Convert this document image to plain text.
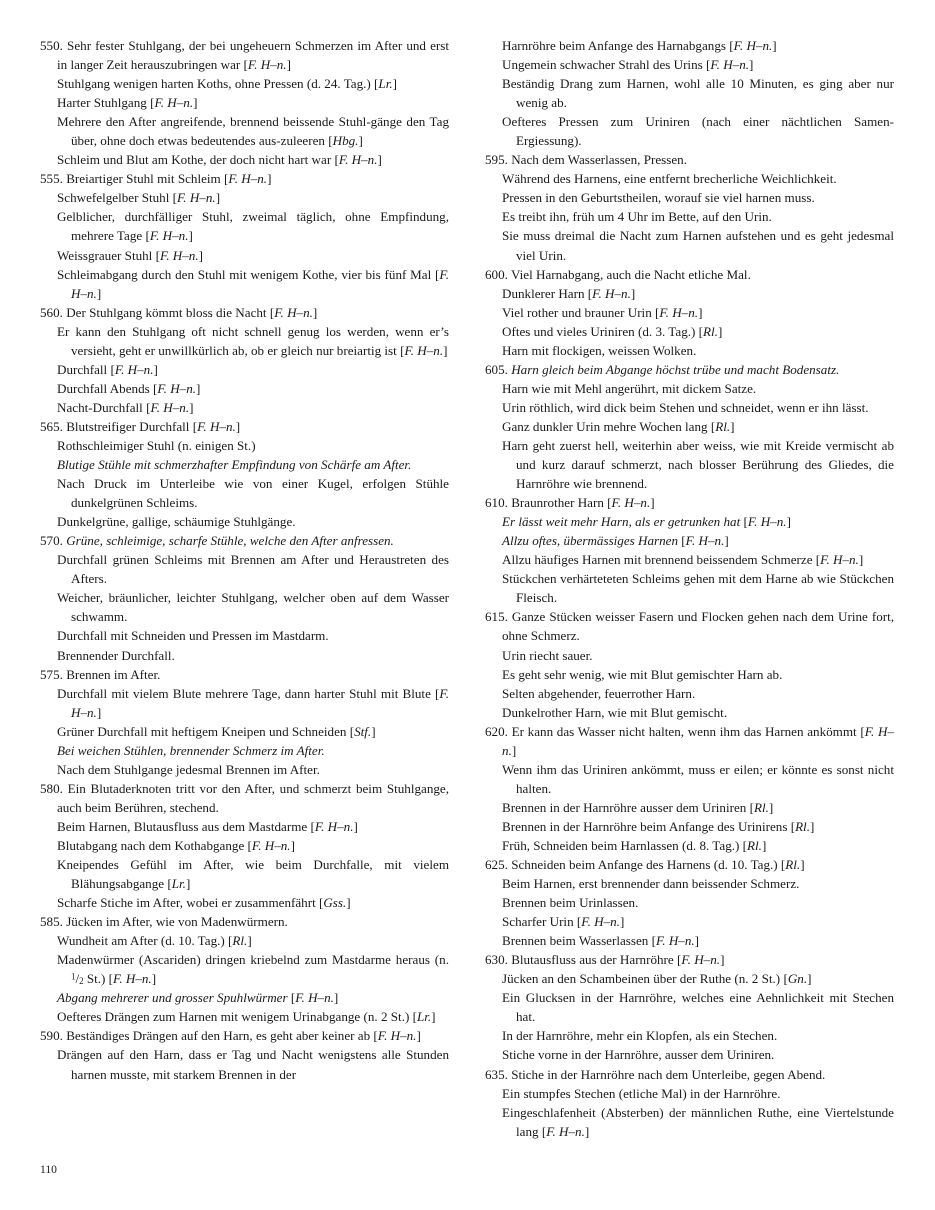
550. Sehr fester Stuhlgang, der bei ungeheuern Schmerzen im After und erst in langer Zeit herauszubringen war [F. H–n.]

Stuhlgang wenigen harten Koths, ohne Pressen (d. 24. Tag.) [Lr.]

Harter Stuhlgang [F. H–n.]

Mehrere den After angreifende, brennend beissende Stuhl-gänge den Tag über, ohne doch etwas bedeutendes aus-zuleeren [Hbg.]

Schleim und Blut am Kothe, der doch nicht hart war [F. H–n.]

555. Breiartiger Stuhl mit Schleim [F. H–n.]

Schwefelgelber Stuhl [F. H–n.]

Gelblicher, durchfälliger Stuhl, zweimal täglich, ohne Empfindung, mehrere Tage [F. H–n.]

Weissgrauer Stuhl [F. H–n.]

Schleimabgang durch den Stuhl mit wenigem Kothe, vier bis fünf Mal [F. H–n.]

560. Der Stuhlgang kömmt bloss die Nacht [F. H–n.]

Er kann den Stuhlgang oft nicht schnell genug los werden, wenn er’s versieht, geht er unwillkürlich ab, ob er gleich nur breiartig ist [F. H–n.]

Durchfall [F. H–n.]

Durchfall Abends [F. H–n.]

Nacht-Durchfall [F. H–n.]

565. Blutstreifiger Durchfall [F. H–n.]

Rothschleimiger Stuhl (n. einigen St.)

Blutige Stühle mit schmerzhafter Empfindung von Schärfe am After.

Nach Druck im Unterleibe wie von einer Kugel, erfolgen Stühle dunkelgrünen Schleims.

Dunkelgrüne, gallige, schäumige Stuhlgänge.

570. Grüne, schleimige, scharfe Stühle, welche den After anfressen.

Durchfall grünen Schleims mit Brennen am After und Heraustreten des Afters.

Weicher, bräunlicher, leichter Stuhlgang, welcher oben auf dem Wasser schwamm.

Durchfall mit Schneiden und Pressen im Mastdarm.

Brennender Durchfall.

575. Brennen im After.

Durchfall mit vielem Blute mehrere Tage, dann harter Stuhl mit Blute [F. H–n.]

Grüner Durchfall mit heftigem Kneipen und Schneiden [Stf.]

Bei weichen Stühlen, brennender Schmerz im After.

Nach dem Stuhlgange jedesmal Brennen im After.

580. Ein Blutaderknoten tritt vor den After, und schmerzt beim Stuhlgange, auch beim Berühren, stechend.

Beim Harnen, Blutausfluss aus dem Mastdarme [F. H–n.]

Blutabgang nach dem Kothabgange [F. H–n.]

Kneipendes Gefühl im After, wie beim Durchfalle, mit vielem Blähungsabgange [Lr.]

Scharfe Stiche im After, wobei er zusammenfährt [Gss.]

585. Jücken im After, wie von Madenwürmern.

Wundheit am After (d. 10. Tag.) [Rl.]

Madenwürmer (Ascariden) dringen kriebelnd zum Mastdarme heraus (n. $^1/_2$ St.) [F. H–n.]

Abgang mehrerer und grosser Spuhlwürmer [F. H–n.]

Oefteres Drängen zum Harnen mit wenigem Urinabgange (n. 2 St.) [Lr.]

590. Beständiges Drängen auf den Harn, es geht aber keiner ab [F. H–n.]

Drängen auf den Harn, dass er Tag und Nacht wenigstens alle Stunden harnen musste, mit starkem Brennen in der

Harnröhre beim Anfange des Harnabgangs [F. H–n.]

Ungemein schwacher Strahl des Urins [F. H–n.]

Beständig Drang zum Harnen, wohl alle 10 Minuten, es ging aber nur wenig ab.

Oefteres Pressen zum Uriniren (nach einer nächtlichen Samen-Ergiessung).

595. Nach dem Wasserlassen, Pressen.

Während des Harnens, eine entfernt brecherliche Weichlichkeit.

Pressen in den Geburtstheilen, worauf sie viel harnen muss.

Es treibt ihn, früh um 4 Uhr im Bette, auf den Urin.

Sie muss dreimal die Nacht zum Harnen aufstehen und es geht jedesmal viel Urin.

600. Viel Harnabgang, auch die Nacht etliche Mal.

Dunklerer Harn [F. H–n.]

Viel rother und brauner Urin [F. H–n.]

Oftes und vieles Uriniren (d. 3. Tag.) [Rl.]

Harn mit flockigen, weissen Wolken.

605. Harn gleich beim Abgange höchst trübe und macht Bodensatz.

Harn wie mit Mehl angerührt, mit dickem Satze.

Urin röthlich, wird dick beim Stehen und schneidet, wenn er ihn lässt.

Ganz dunkler Urin mehre Wochen lang [Rl.]

Harn geht zuerst hell, weiterhin aber weiss, wie mit Kreide vermischt ab und kurz darauf schmerzt, nach blosser Berührung des Gliedes, die Harnröhre wie brennend.

610. Braunrother Harn [F. H–n.]

Er lässt weit mehr Harn, als er getrunken hat [F. H–n.]

Allzu oftes, übermässiges Harnen [F. H–n.]

Allzu häufiges Harnen mit brennend beissendem Schmerze [F. H–n.]

Stückchen verhärteteten Schleims gehen mit dem Harne ab wie Stückchen Fleisch.

615. Ganze Stücken weisser Fasern und Flocken gehen nach dem Urine fort, ohne Schmerz.

Urin riecht sauer.

Es geht sehr wenig, wie mit Blut gemischter Harn ab.

Selten abgehender, feuerrother Harn.

Dunkelrother Harn, wie mit Blut gemischt.

620. Er kann das Wasser nicht halten, wenn ihm das Harnen ankömmt [F. H–n.]

Wenn ihm das Uriniren ankömmt, muss er eilen; er könnte es sonst nicht halten.

Brennen in der Harnröhre ausser dem Uriniren [Rl.]

Brennen in der Harnröhre beim Anfange des Urinirens [Rl.]

Früh, Schneiden beim Harnlassen (d. 8. Tag.) [Rl.]

625. Schneiden beim Anfange des Harnens (d. 10. Tag.) [Rl.]

Beim Harnen, erst brennender dann beissender Schmerz.

Brennen beim Urinlassen.

Scharfer Urin [F. H–n.]

Brennen beim Wasserlassen [F. H–n.]

630. Blutausfluss aus der Harnröhre [F. H–n.]

Jücken an den Schambeinen über der Ruthe (n. 2 St.) [Gn.]

Ein Glucksen in der Harnröhre, welches eine Aehnlichkeit mit Stechen hat.

In der Harnröhre, mehr ein Klopfen, als ein Stechen.

Stiche vorne in der Harnröhre, ausser dem Uriniren.

635. Stiche in der Harnröhre nach dem Unterleibe, gegen Abend.

Ein stumpfes Stechen (etliche Mal) in der Harnröhre.

Eingeschlafenheit (Absterben) der männlichen Ruthe, eine Viertelstunde lang [F. H–n.]

110
